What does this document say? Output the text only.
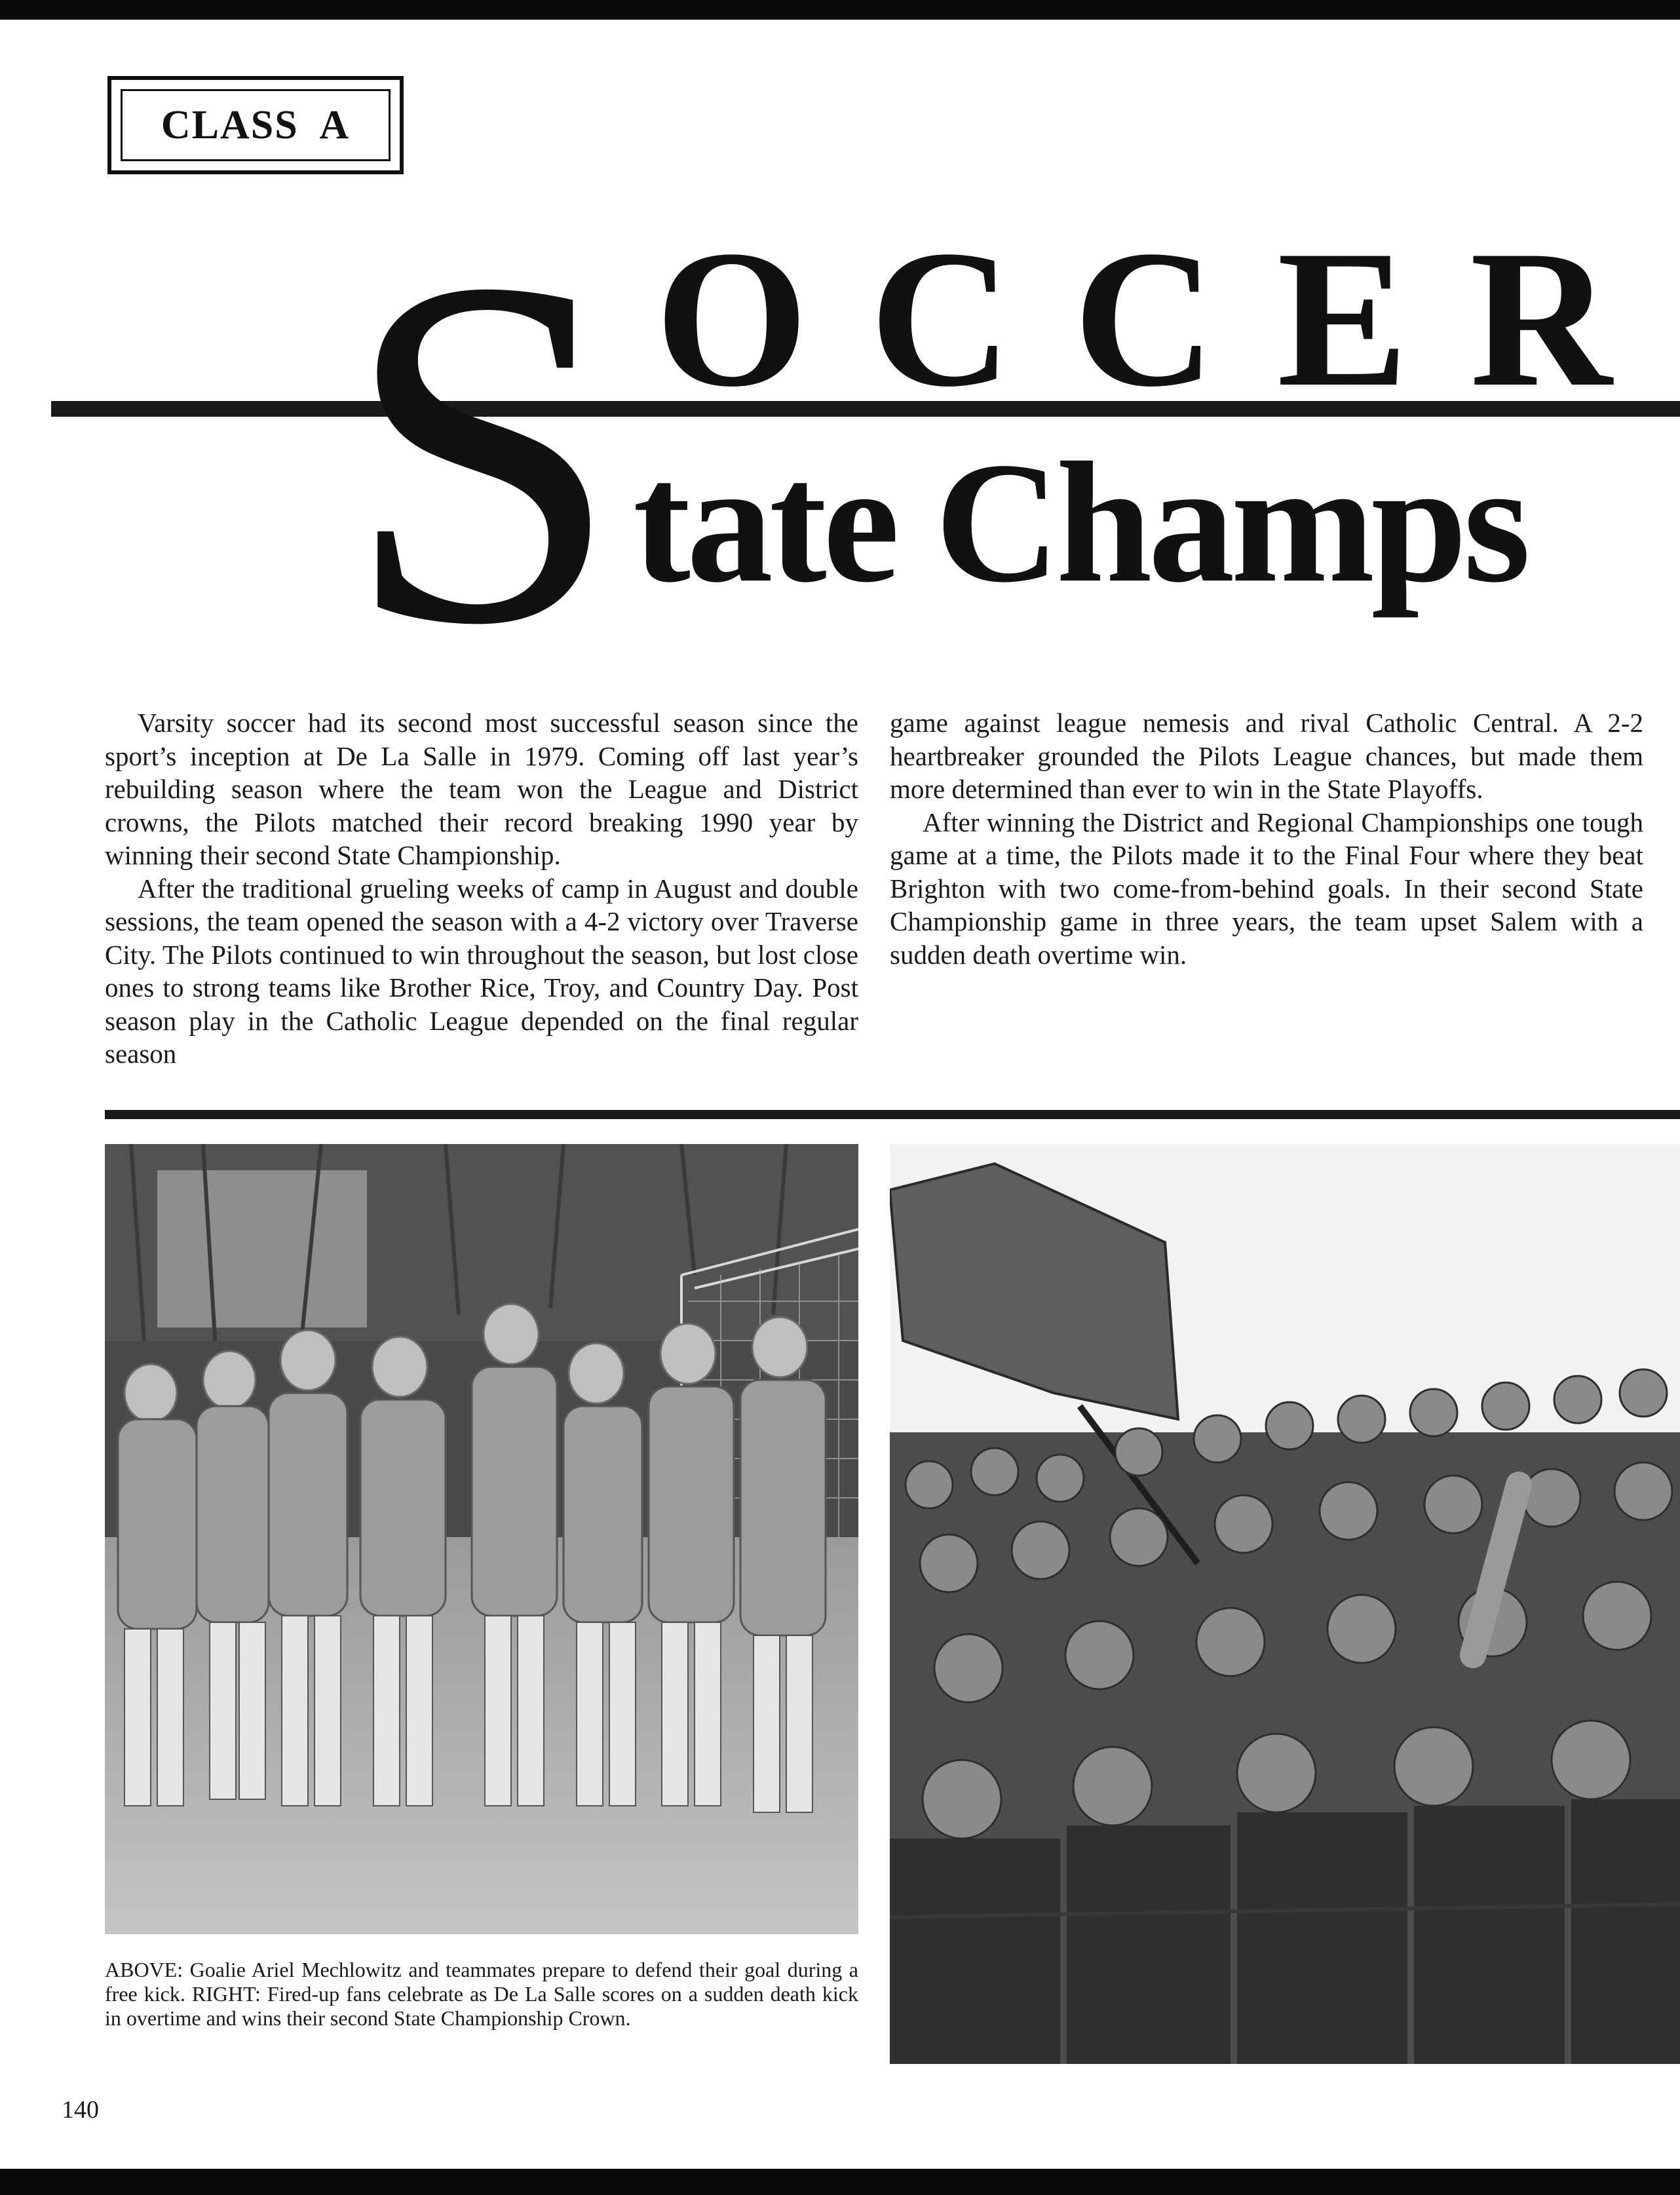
CLASS  A
O C C E R
S tate Champs

Varsity soccer had its second most successful season since the sport’s inception at De La Salle in 1979. Coming off last year’s rebuilding season where the team won the League and District crowns, the Pilots matched their record breaking 1990 year by winning their second State Championship.

After the traditional grueling weeks of camp in August and double sessions, the team opened the season with a 4-2 victory over Traverse City. The Pilots continued to win throughout the season, but lost close ones to strong teams like Brother Rice, Troy, and Country Day. Post season play in the Catholic League depended on the final regular season

game against league nemesis and rival Catholic Central. A 2-2 heartbreaker grounded the Pilots League chances, but made them more determined than ever to win in the State Playoffs.

After winning the District and Regional Championships one tough game at a time, the Pilots made it to the Final Four where they beat Brighton with two come-from-behind goals. In their second State Championship game in three years, the team upset Salem with a sudden death overtime win.

ABOVE: Goalie Ariel Mechlowitz and teammates prepare to defend their goal during a free kick. RIGHT: Fired-up fans celebrate as De La Salle scores on a sudden death kick in overtime and wins their second State Championship Crown.
140
